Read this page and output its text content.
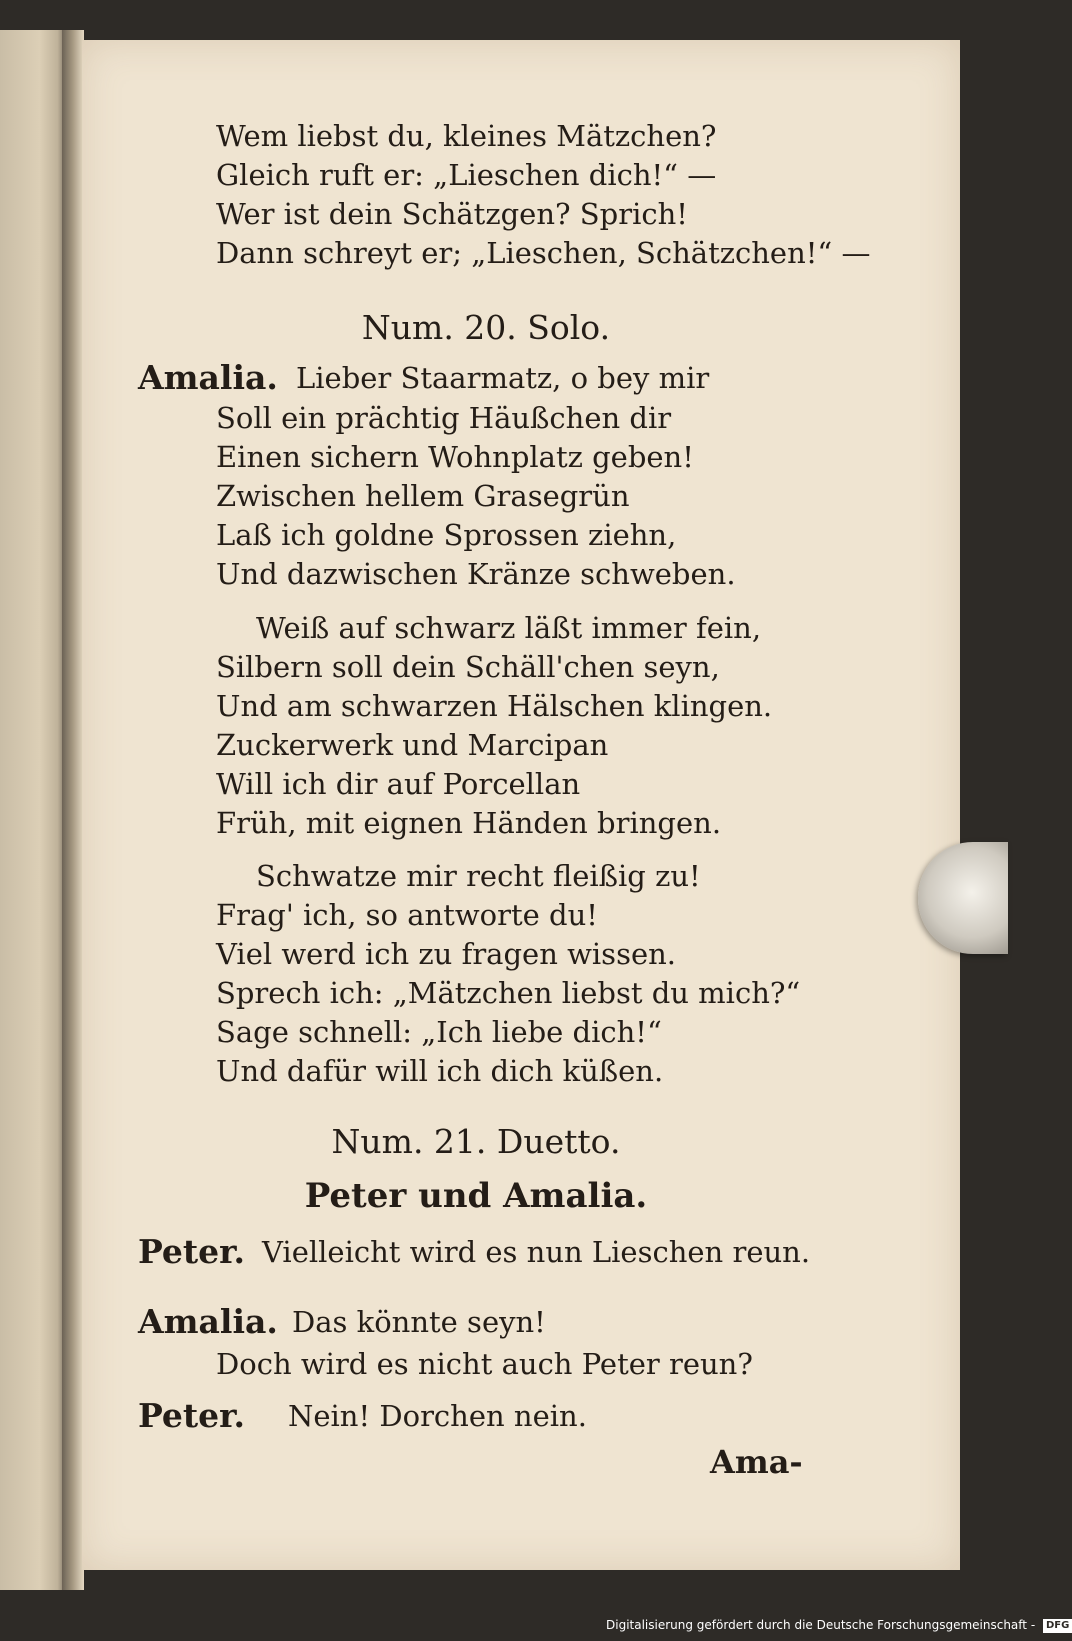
Wem liebst du, kleines Mätzchen?
Gleich ruft er: „Lieschen dich!“ —
Wer ist dein Schätzgen? Sprich!
Dann schreyt er; „Lieschen, Schätzchen!“ —
Num. 20. Solo.
Amalia. Lieber Staarmatz, o bey mir
Soll ein prächtig Häußchen dir
Einen sichern Wohnplatz geben!
Zwischen hellem Grasegrün
Laß ich goldne Sprossen ziehn,
Und dazwischen Kränze schweben.
Weiß auf schwarz läßt immer fein,
Silbern soll dein Schäll'chen seyn,
Und am schwarzen Hälschen klingen.
Zuckerwerk und Marcipan
Will ich dir auf Porcellan
Früh, mit eignen Händen bringen.
Schwatze mir recht fleißig zu!
Frag' ich, so antworte du!
Viel werd ich zu fragen wissen.
Sprech ich: „Mätzchen liebst du mich?“
Sage schnell: „Ich liebe dich!“
Und dafür will ich dich küßen.
Num. 21. Duetto.
Peter und Amalia.
Peter. Vielleicht wird es nun Lieschen reun.
Amalia. Das könnte seyn!
Doch wird es nicht auch Peter reun?
Peter. Nein! Dorchen nein.
Ama-
Digitalisierung gefördert durch die Deutsche Forschungsgemeinschaft - DFG
